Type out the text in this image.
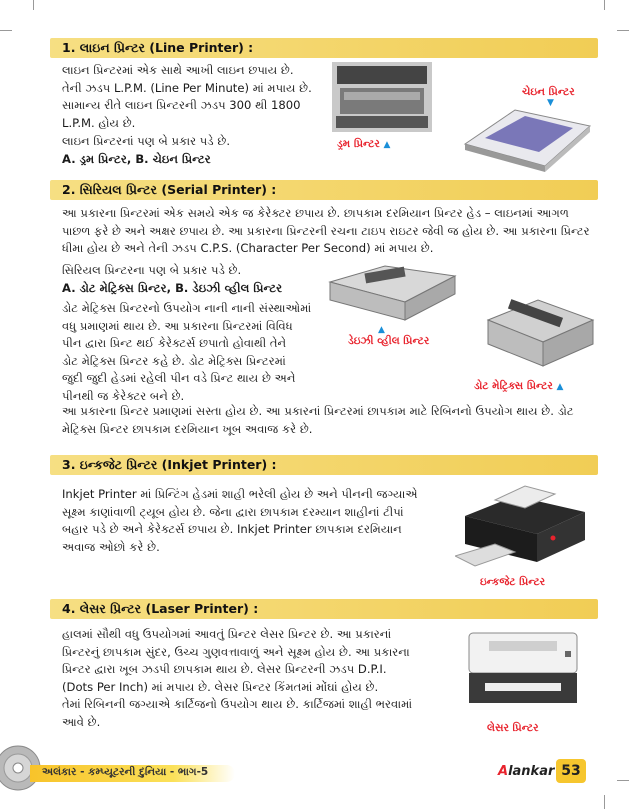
1. લાઇન પ્રિન્ટર (Line Printer) :
લાઇન પ્રિન્ટરમાં એક સાથે આખી લાઇન છપાય છે.
તેની ઝડપ L.P.M. (Line Per Minute) માં મપાય છે.
સામાન્ય રીતે લાઇન પ્રિન્ટરની ઝડપ 300 થી 1800
L.P.M. હોય છે.
લાઇન પ્રિન્ટરનાં પણ બે પ્રકાર પડે છે.
A. ડ્રમ પ્રિન્ટર, B. ચેઇન પ્રિન્ટર
ડ્રમ પ્રિન્ટર ▲
ચેઇન પ્રિન્ટર
▼
2. સિરિયલ પ્રિન્ટર (Serial Printer) :
આ પ્રકારના પ્રિન્ટરમાં એક સમયે એક જ કેરેક્ટર છપાય છે. છાપકામ દરમિયાન પ્રિન્ટર હેડ – લાઇનમાં આગળ
પાછળ ફરે છે અને અક્ષર છપાય છે. આ પ્રકારના પ્રિન્ટરની રચના ટાઇપ રાઇટર જેવી જ હોય છે. આ પ્રકારના પ્રિન્ટર
ધીમા હોય છે અને તેની ઝડપ C.P.S. (Character Per Second) માં મપાય છે.
સિરિયલ પ્રિન્ટરના પણ બે પ્રકાર પડે છે.
A. ડોટ મેટ્રિક્સ પ્રિન્ટર, B. ડેઇઝી વ્હીલ પ્રિન્ટર
ડોટ મેટ્રિક્સ પ્રિન્ટરનો ઉપયોગ નાની નાની સંસ્થાઓમાં
વધુ પ્રમાણમાં થાય છે. આ પ્રકારના પ્રિન્ટરમાં વિવિધ
પીન દ્વારા પ્રિન્ટ થઈ કેરેક્ટર્સ છપાતો હોવાથી તેને
ડોટ મેટ્રિક્સ પ્રિન્ટર કહે છે. ડોટ મેટ્રિક્સ પ્રિન્ટરમાં
જુદી જુદી હેડમાં રહેલી પીન વડે પ્રિન્ટ થાય છે અને
પીનથી જ કેરેક્ટર બને છે.
▲
ડેઇઝી વ્હીલ પ્રિન્ટર
ડોટ મેટ્રિક્સ પ્રિન્ટર ▲
આ પ્રકારના પ્રિન્ટર પ્રમાણમાં સસ્તા હોય છે. આ પ્રકારનાં પ્રિન્ટરમાં છાપકામ માટે રિબિનનો ઉપયોગ થાય છે. ડોટ
મેટ્રિક્સ પ્રિન્ટર છાપકામ દરમિયાન ખૂબ અવાજ કરે છે.
3. ઇન્કજેટ પ્રિન્ટર (Inkjet Printer) :
Inkjet Printer માં પ્રિન્ટિંગ હેડમાં શાહી ભરેલી હોય છે અને પીનની જગ્યાએ
સૂક્ષ્મ કાણાંવાળી ટ્યૂબ હોય છે. જેના દ્વારા છાપકામ દરમ્યાન શાહીનાં ટીપાં
બહાર પડે છે અને કેરેક્ટર્સ છપાય છે. Inkjet Printer છાપકામ દરમિયાન
અવાજ ઓછો કરે છે.
ઇન્કજેટ પ્રિન્ટર
4. લેસર પ્રિન્ટર (Laser Printer) :
હાલમાં સૌથી વધુ ઉપયોગમાં આવતું પ્રિન્ટર લેસર પ્રિન્ટર છે. આ પ્રકારનાં
પ્રિન્ટરનું છાપકામ સુંદર, ઉચ્ચ ગુણવત્તાવાળું અને સૂક્ષ્મ હોય છે. આ પ્રકારના
પ્રિન્ટર દ્વારા ખૂબ ઝડપી છાપકામ થાય છે. લેસર પ્રિન્ટરની ઝડપ D.P.I.
(Dots Per Inch) માં મપાય છે. લેસર પ્રિન્ટર કિંમતમાં મોંઘાં હોય છે.
તેમાં રિબિનની જગ્યાએ કાર્ટિજનો ઉપયોગ થાય છે. કાર્ટિજમાં શાહી ભરવામાં
આવે છે.	લેસર પ્રિન્ટર
અલંકાર - કમ્પ્યૂટરની દુનિયા - ભાગ-5	Alankar 53
